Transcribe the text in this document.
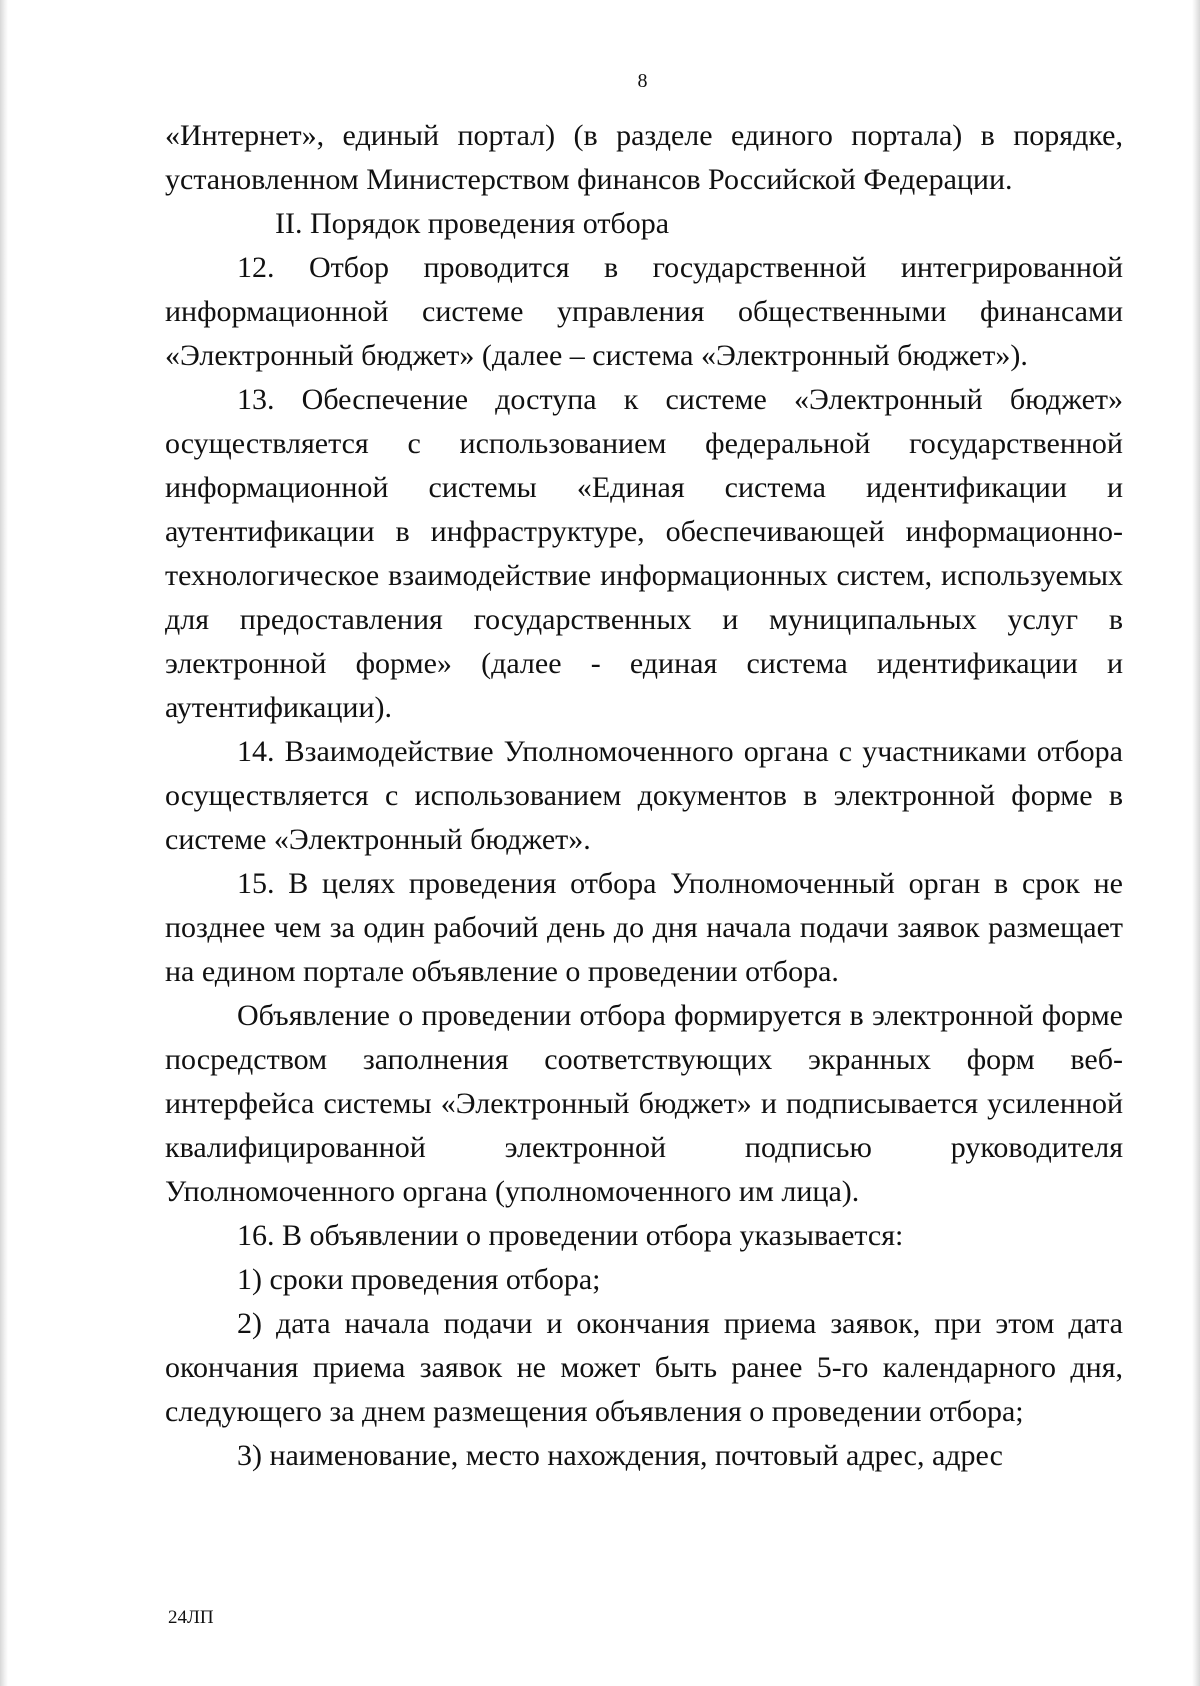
8

«Интернет», единый портал) (в разделе единого портала) в порядке, установленном Министерством финансов Российской Федерации.

II. Порядок проведения отбора

12. Отбор проводится в государственной интегрированной информационной системе управления общественными финансами «Электронный бюджет» (далее – система «Электронный бюджет»).

13. Обеспечение доступа к системе «Электронный бюджет» осуществляется с использованием федеральной государственной информационной системы «Единая система идентификации и аутентификации в инфраструктуре, обеспечивающей информационно-технологическое взаимодействие информационных систем, используемых для предоставления государственных и муниципальных услуг в электронной форме» (далее - единая система идентификации и аутентификации).

14. Взаимодействие Уполномоченного органа с участниками отбора осуществляется с использованием документов в электронной форме в системе «Электронный бюджет».

15. В целях проведения отбора Уполномоченный орган в срок не позднее чем за один рабочий день до дня начала подачи заявок размещает на едином портале объявление о проведении отбора.

Объявление о проведении отбора формируется в электронной форме посредством заполнения соответствующих экранных форм веб-интерфейса системы «Электронный бюджет» и подписывается усиленной квалифицированной электронной подписью руководителя Уполномоченного органа (уполномоченного им лица).

16. В объявлении о проведении отбора указывается:

1) сроки проведения отбора;

2) дата начала подачи и окончания приема заявок, при этом дата окончания приема заявок не может быть ранее 5-го календарного дня, следующего за днем размещения объявления о проведении отбора;

3) наименование, место нахождения, почтовый адрес, адрес

24ЛП
